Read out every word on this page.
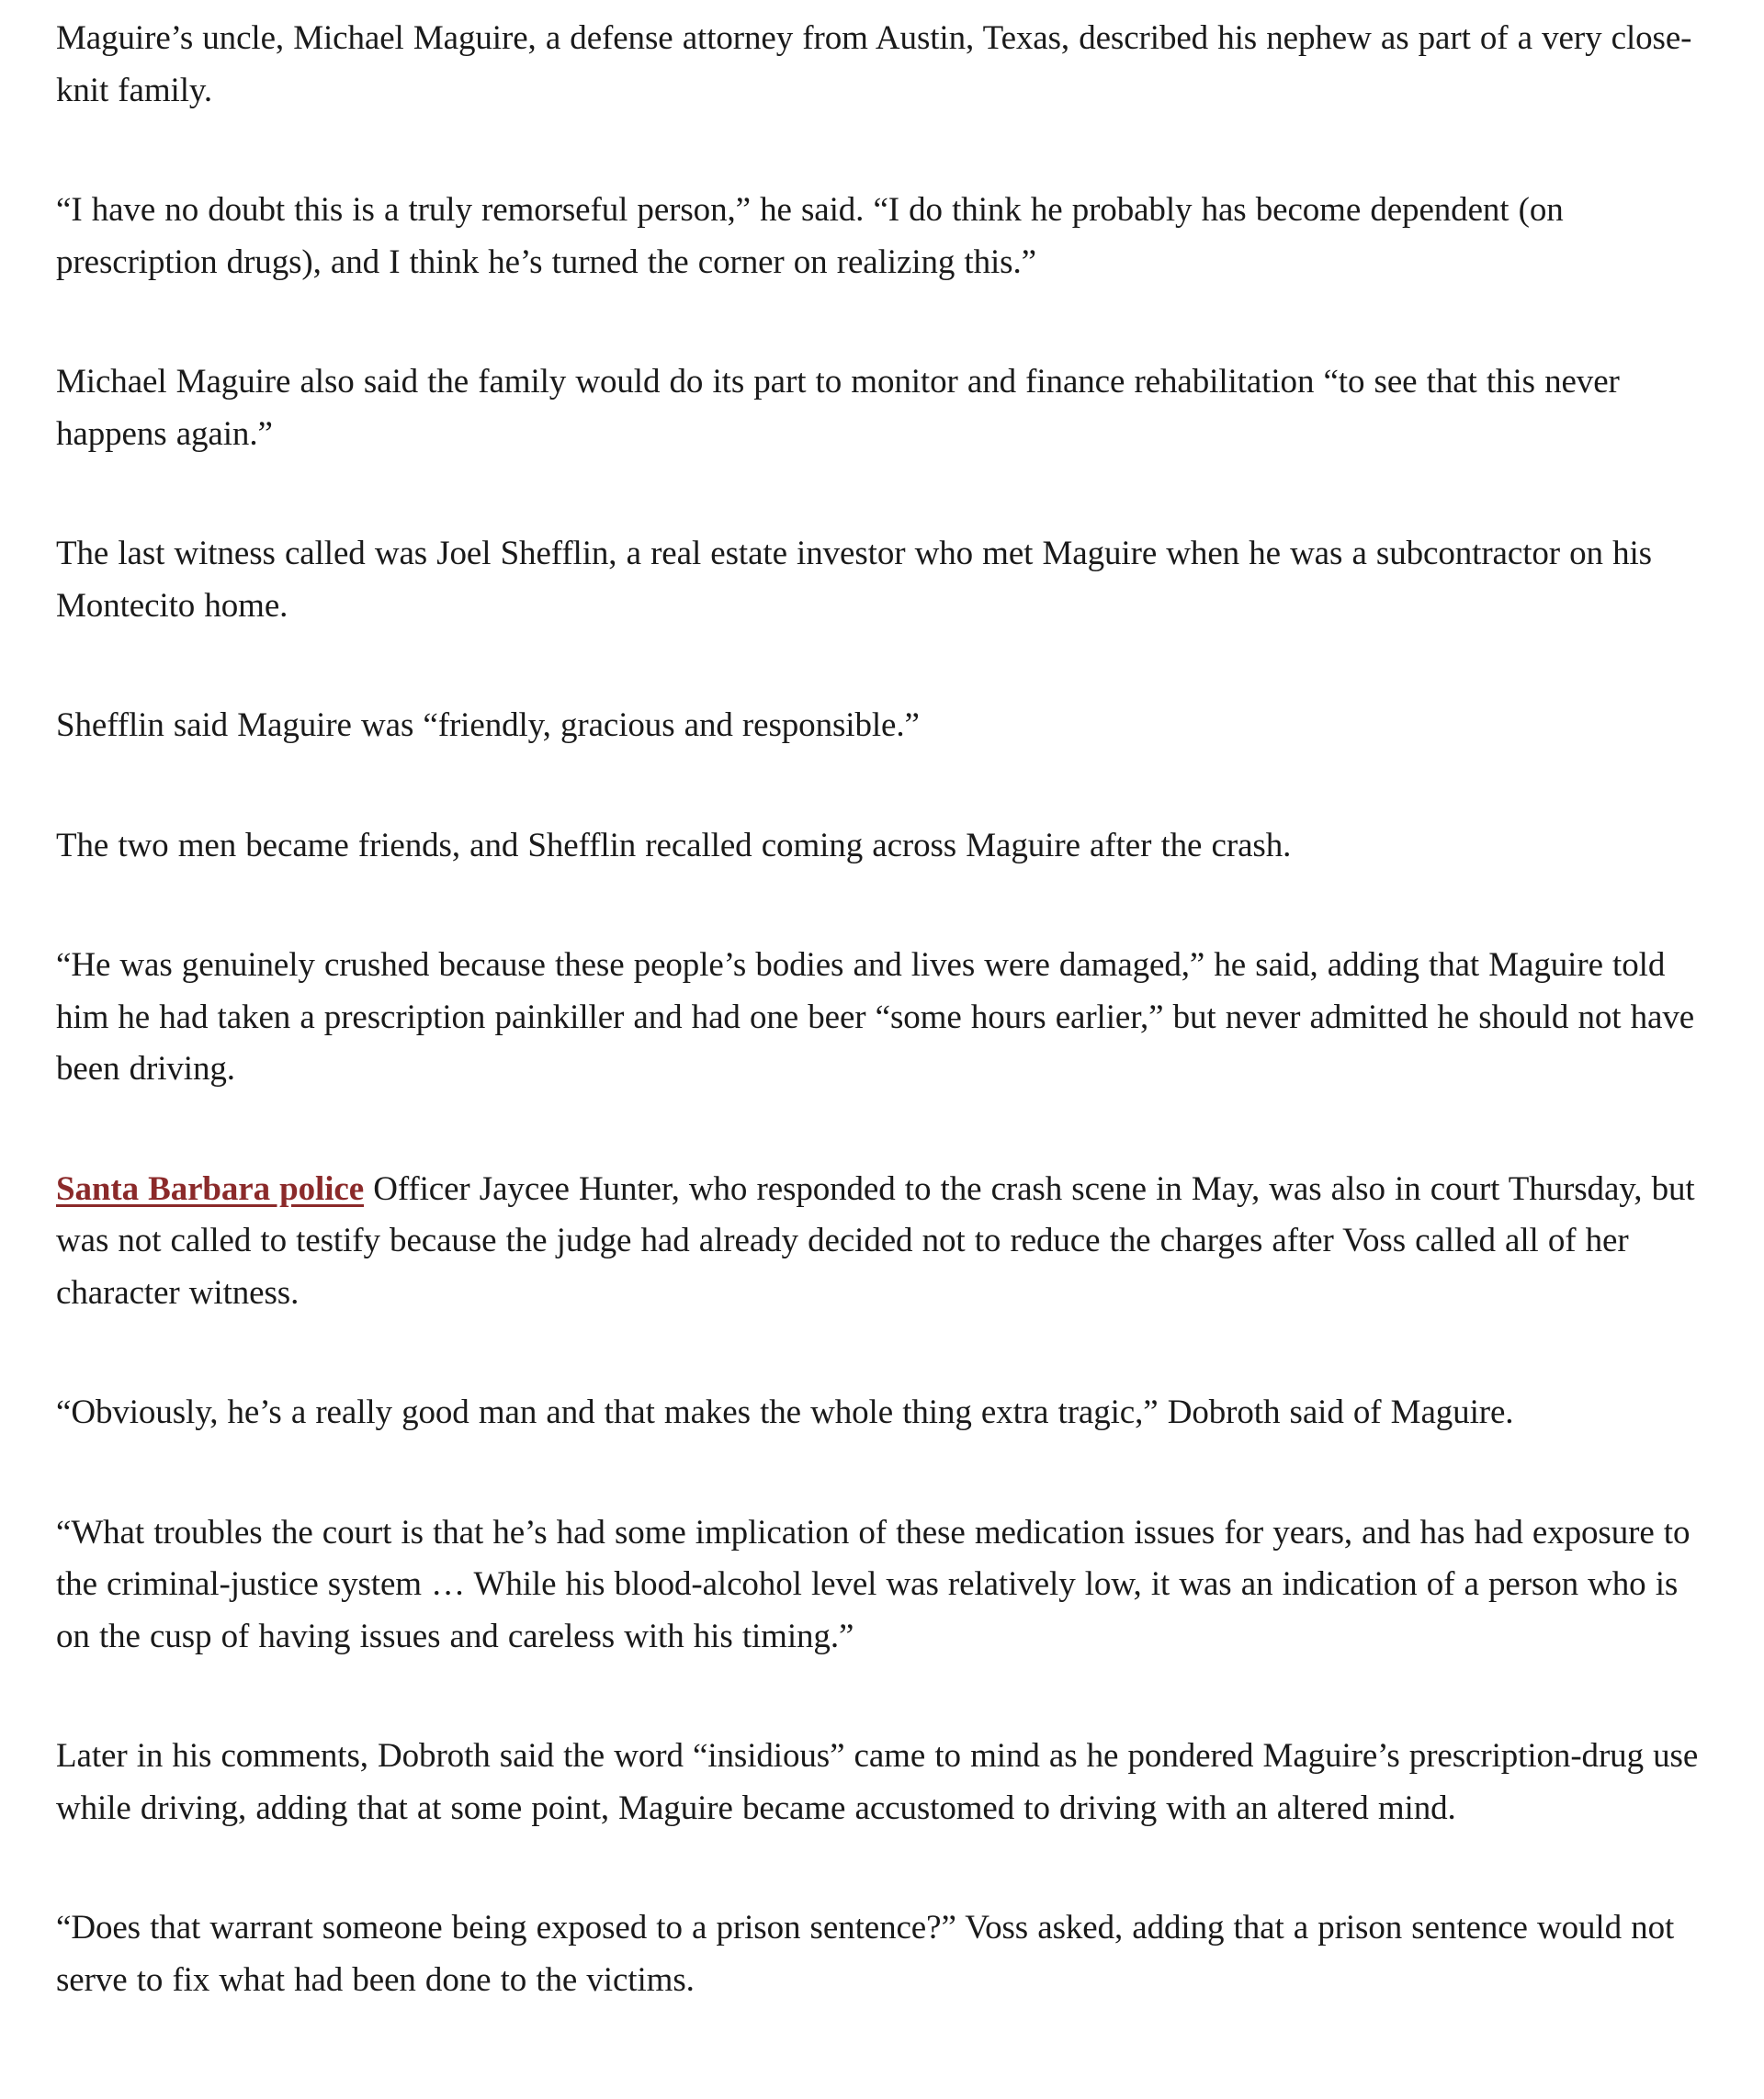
Maguire’s uncle, Michael Maguire, a defense attorney from Austin, Texas, described his nephew as part of a very close-knit family.

“I have no doubt this is a truly remorseful person,” he said. “I do think he probably has become dependent (on prescription drugs), and I think he’s turned the corner on realizing this.”

Michael Maguire also said the family would do its part to monitor and finance rehabilitation “to see that this never happens again.”

The last witness called was Joel Shefflin, a real estate investor who met Maguire when he was a subcontractor on his Montecito home.

Shefflin said Maguire was “friendly, gracious and responsible.”

The two men became friends, and Shefflin recalled coming across Maguire after the crash.

“He was genuinely crushed because these people’s bodies and lives were damaged,” he said, adding that Maguire told him he had taken a prescription painkiller and had one beer “some hours earlier,” but never admitted he should not have been driving.

Santa Barbara police Officer Jaycee Hunter, who responded to the crash scene in May, was also in court Thursday, but was not called to testify because the judge had already decided not to reduce the charges after Voss called all of her character witness.

“Obviously, he’s a really good man and that makes the whole thing extra tragic,” Dobroth said of Maguire.

“What troubles the court is that he’s had some implication of these medication issues for years, and has had exposure to the criminal-justice system … While his blood-alcohol level was relatively low, it was an indication of a person who is on the cusp of having issues and careless with his timing.”

Later in his comments, Dobroth said the word “insidious” came to mind as he pondered Maguire’s prescription-drug use while driving, adding that at some point, Maguire became accustomed to driving with an altered mind.

“Does that warrant someone being exposed to a prison sentence?” Voss asked, adding that a prison sentence would not serve to fix what had been done to the victims.
